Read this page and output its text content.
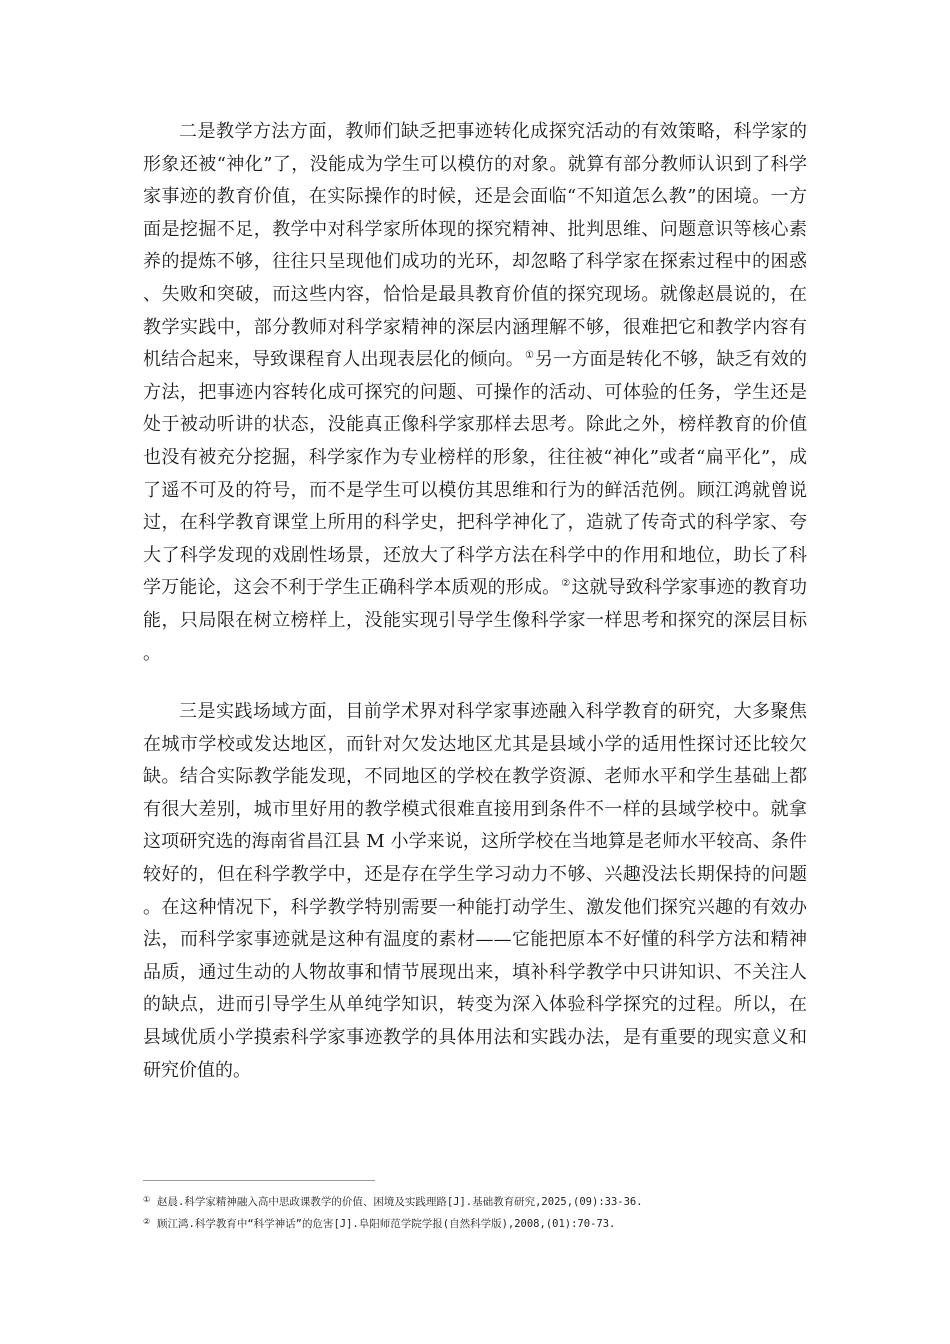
二是教学方法方面，教师们缺乏把事迹转化成探究活动的有效策略，科学家的形象还被“神化”了，没能成为学生可以模仿的对象。就算有部分教师认识到了科学家事迹的教育价值，在实际操作的时候，还是会面临“不知道怎么教”的困境。一方面是挖掘不足，教学中对科学家所体现的探究精神、批判思维、问题意识等核心素养的提炼不够，往往只呈现他们成功的光环，却忽略了科学家在探索过程中的困惑、失败和突破，而这些内容，恰恰是最具教育价值的探究现场。就像赵晨说的，在教学实践中，部分教师对科学家精神的深层内涵理解不够，很难把它和教学内容有机结合起来，导致课程育人出现表层化的倾向。①另一方面是转化不够，缺乏有效的方法，把事迹内容转化成可探究的问题、可操作的活动、可体验的任务，学生还是处于被动听讲的状态，没能真正像科学家那样去思考。除此之外，榜样教育的价值也没有被充分挖掘，科学家作为专业榜样的形象，往往被“神化”或者“扁平化”，成了遥不可及的符号，而不是学生可以模仿其思维和行为的鲜活范例。顾江鸿就曾说过，在科学教育课堂上所用的科学史，把科学神化了，造就了传奇式的科学家、夸大了科学发现的戏剧性场景，还放大了科学方法在科学中的作用和地位，助长了科学万能论，这会不利于学生正确科学本质观的形成。②这就导致科学家事迹的教育功能，只局限在树立榜样上，没能实现引导学生像科学家一样思考和探究的深层目标。

三是实践场域方面，目前学术界对科学家事迹融入科学教育的研究，大多聚焦在城市学校或发达地区，而针对欠发达地区尤其是县域小学的适用性探讨还比较欠缺。结合实际教学能发现，不同地区的学校在教学资源、老师水平和学生基础上都有很大差别，城市里好用的教学模式很难直接用到条件不一样的县域学校中。就拿这项研究选的海南省昌江县 M 小学来说，这所学校在当地算是老师水平较高、条件较好的，但在科学教学中，还是存在学生学习动力不够、兴趣没法长期保持的问题。在这种情况下，科学教学特别需要一种能打动学生、激发他们探究兴趣的有效办法，而科学家事迹就是这种有温度的素材——它能把原本不好懂的科学方法和精神品质，通过生动的人物故事和情节展现出来，填补科学教学中只讲知识、不关注人的缺点，进而引导学生从单纯学知识，转变为深入体验科学探究的过程。所以，在县域优质小学摸索科学家事迹教学的具体用法和实践办法，是有重要的现实意义和研究价值的。

① 赵晨.科学家精神融入高中思政课教学的价值、困境及实践理路[J].基础教育研究,2025,(09):33-36.
② 顾江鸿.科学教育中“科学神话”的危害[J].阜阳师范学院学报(自然科学版),2008,(01):70-73.
